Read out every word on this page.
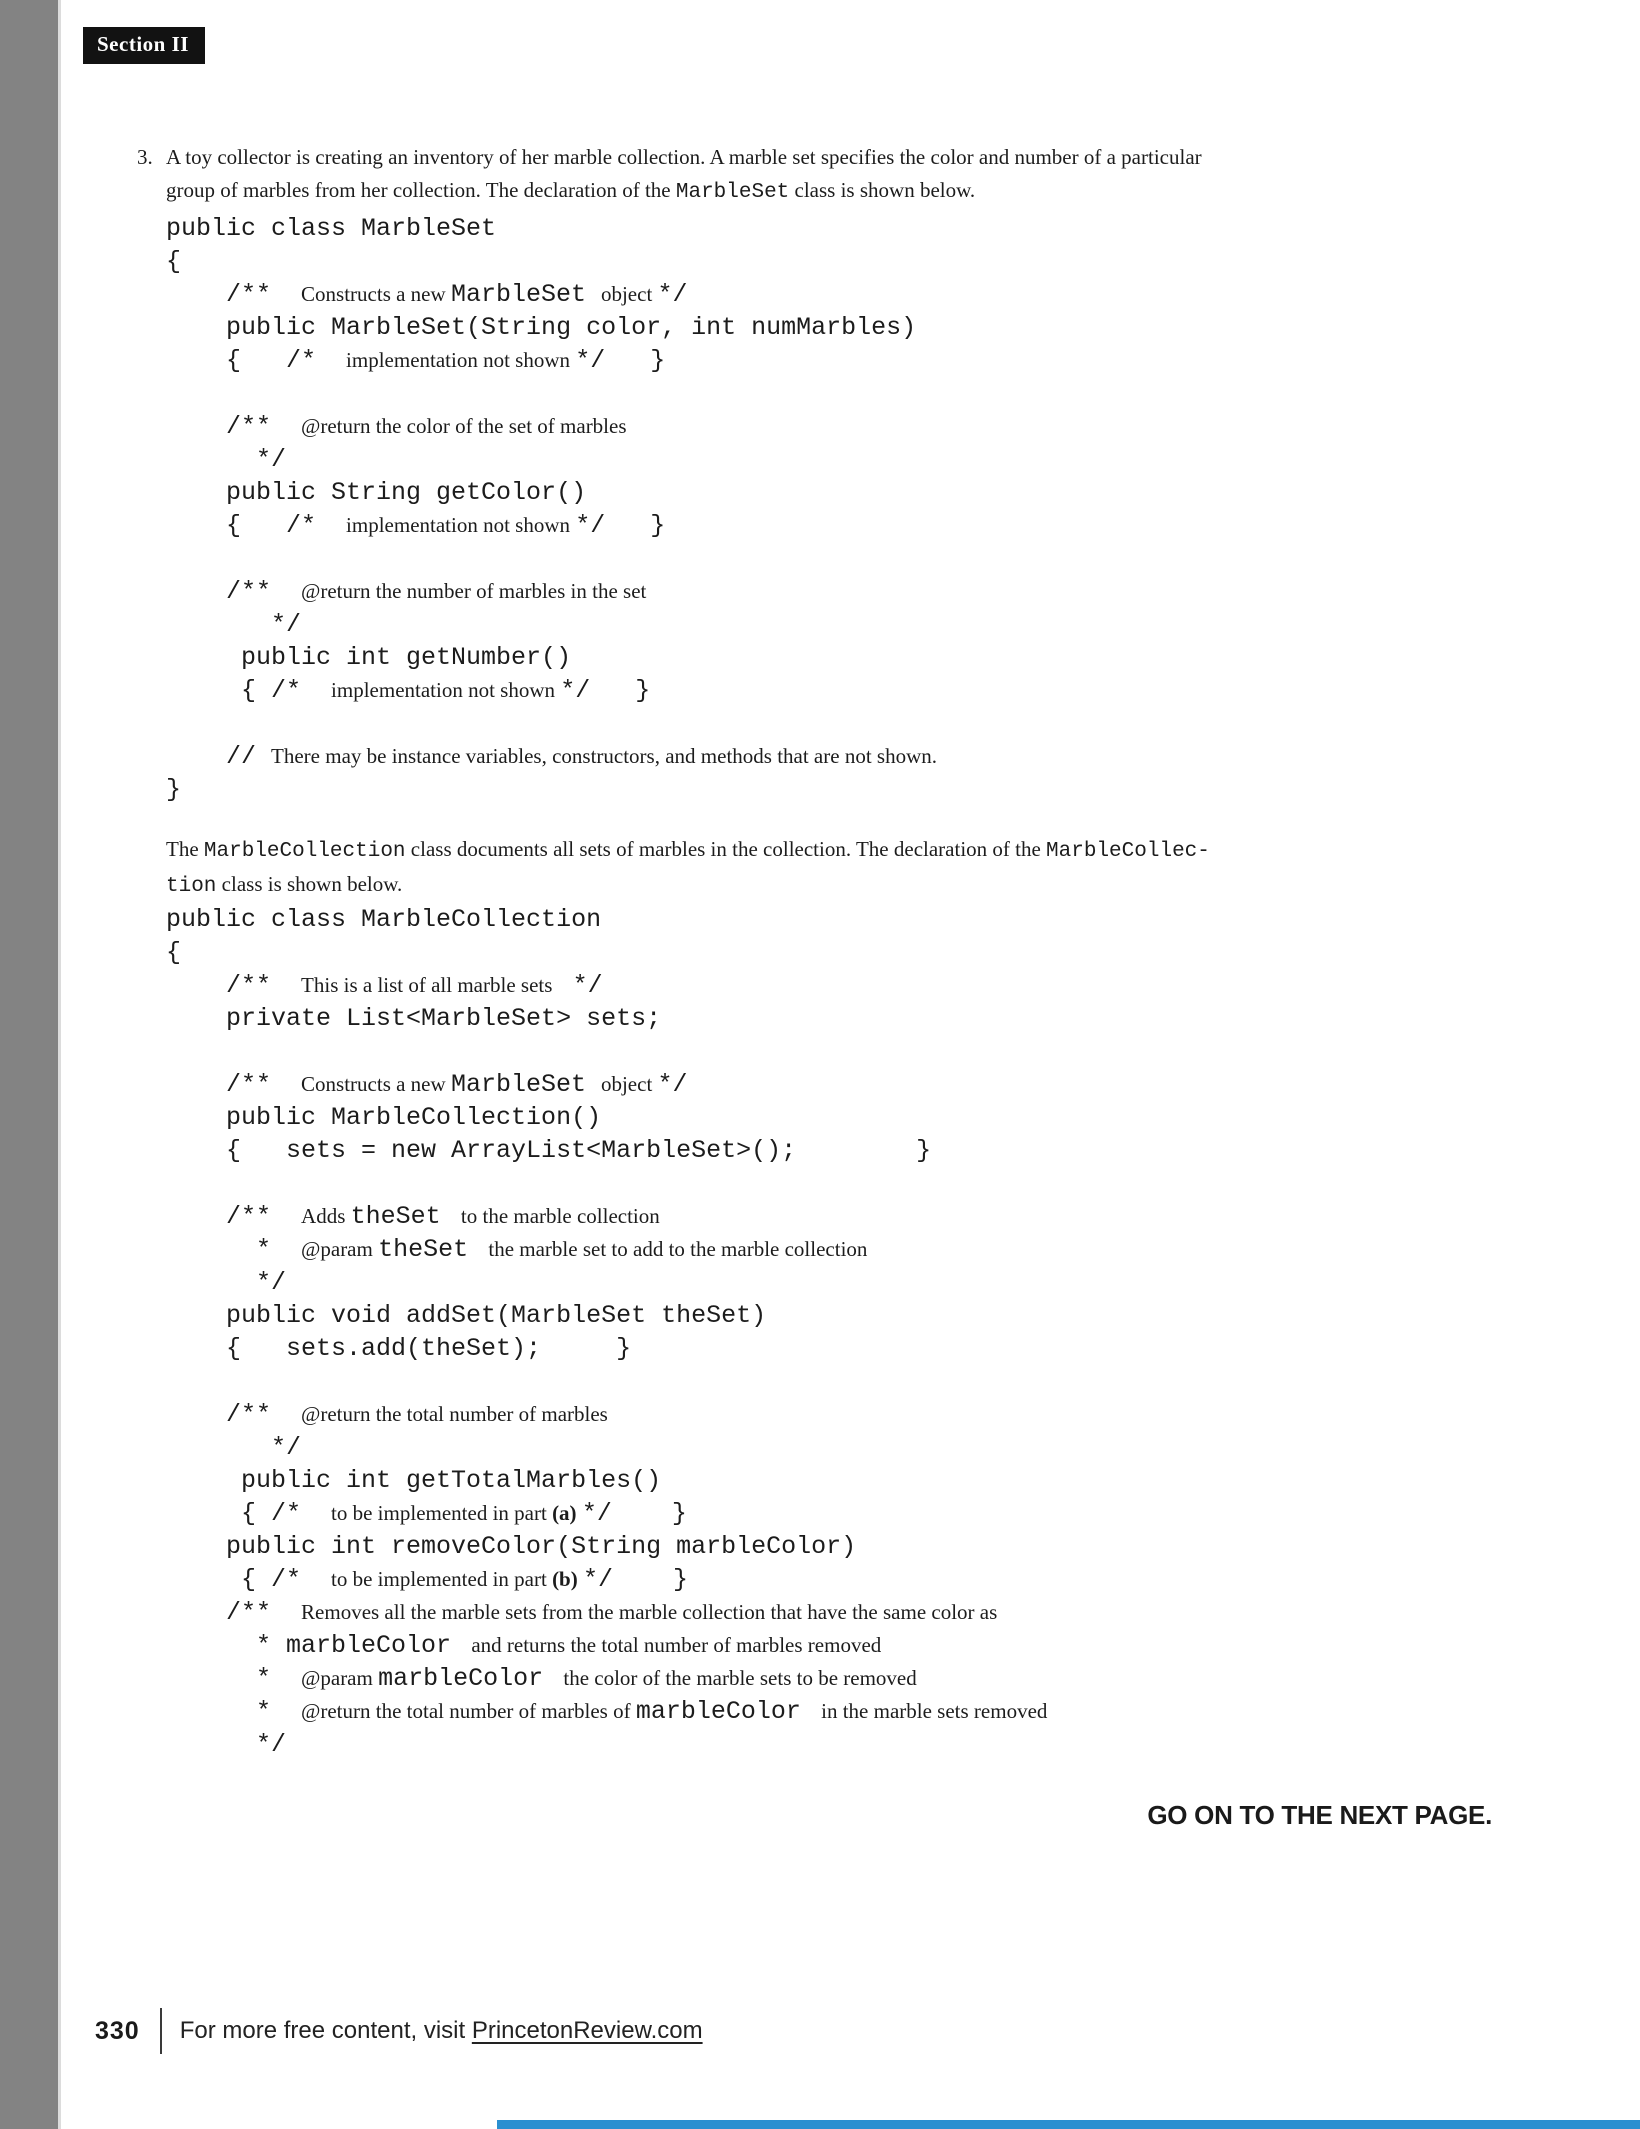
Section II
3. A toy collector is creating an inventory of her marble collection. A marble set specifies the color and number of a particular
group of marbles from her collection. The declaration of the MarbleSet class is shown below.
public class MarbleSet
{
/**  Constructs a new MarbleSet object */
public MarbleSet(String color, int numMarbles)
{   /*  implementation not shown */   }
/**  @return the color of the set of marbles
*/
public String getColor()
{   /*  implementation not shown */   }
/**  @return the number of marbles in the set
*/
public int getNumber()
{ /*  implementation not shown */   }
// There may be instance variables, constructors, and methods that are not shown.
}
The MarbleCollection class documents all sets of marbles in the collection. The declaration of the MarbleCollec-
tion class is shown below.
public class MarbleCollection
{
/**  This is a list of all marble sets  */
private List<MarbleSet> sets;
/**  Constructs a new MarbleSet object */
public MarbleCollection()
{   sets = new ArrayList<MarbleSet>();        }
/**  Adds theSet  to the marble collection
*  @param theSet  the marble set to add to the marble collection
*/
public void addSet(MarbleSet theSet)
{   sets.add(theSet);     }
/**  @return the total number of marbles
*/
public int getTotalMarbles()
{ /*  to be implemented in part (a) */    }
public int removeColor(String marbleColor)
{ /*  to be implemented in part (b) */    }
/**  Removes all the marble sets from the marble collection that have the same color as
* marbleColor  and returns the total number of marbles removed
*  @param marbleColor  the color of the marble sets to be removed
*  @return the total number of marbles of marbleColor  in the marble sets removed
*/
GO ON TO THE NEXT PAGE.
330 For more free content, visit PrincetonReview.com
